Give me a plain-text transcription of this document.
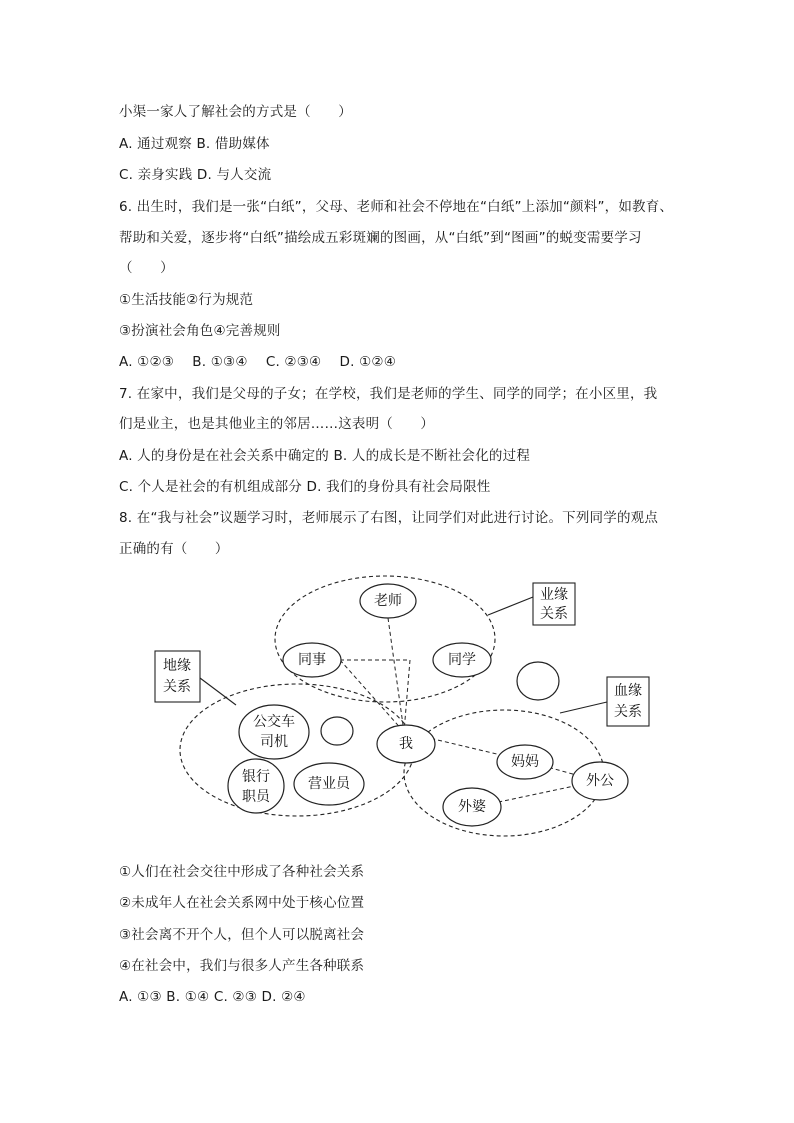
小渠一家人了解社会的方式是（　　）
A. 通过观察 B. 借助媒体
C. 亲身实践 D. 与人交流
6. 出生时，我们是一张“白纸”，父母、老师和社会不停地在“白纸”上添加“颜料”，如教育、
帮助和关爱，逐步将“白纸”描绘成五彩斑斓的图画，从“白纸”到“图画”的蜕变需要学习
（　　）
①生活技能②行为规范
③扮演社会角色④完善规则
A. ①②③　 B. ①③④　 C. ②③④　 D. ①②④
7. 在家中，我们是父母的子女；在学校，我们是老师的学生、同学的同学；在小区里，我
们是业主，也是其他业主的邻居……这表明（　　）
A. 人的身份是在社会关系中确定的 B. 人的成长是不断社会化的过程
C. 个人是社会的有机组成部分 D. 我们的身份具有社会局限性
8. 在“我与社会”议题学习时，老师展示了右图，让同学们对此进行讨论。下列同学的观点
正确的有（　　）
①人们在社会交往中形成了各种社会关系
②未成年人在社会关系网中处于核心位置
③社会离不开个人，但个人可以脱离社会
④在社会中，我们与很多人产生各种联系
A. ①③ B. ①④ C. ②③ D. ②④
老师
同事	同学
我
公交车
司机
银行
职员
营业员
妈妈
外公
外婆
业缘
关系
地缘
关系	血缘
关系
